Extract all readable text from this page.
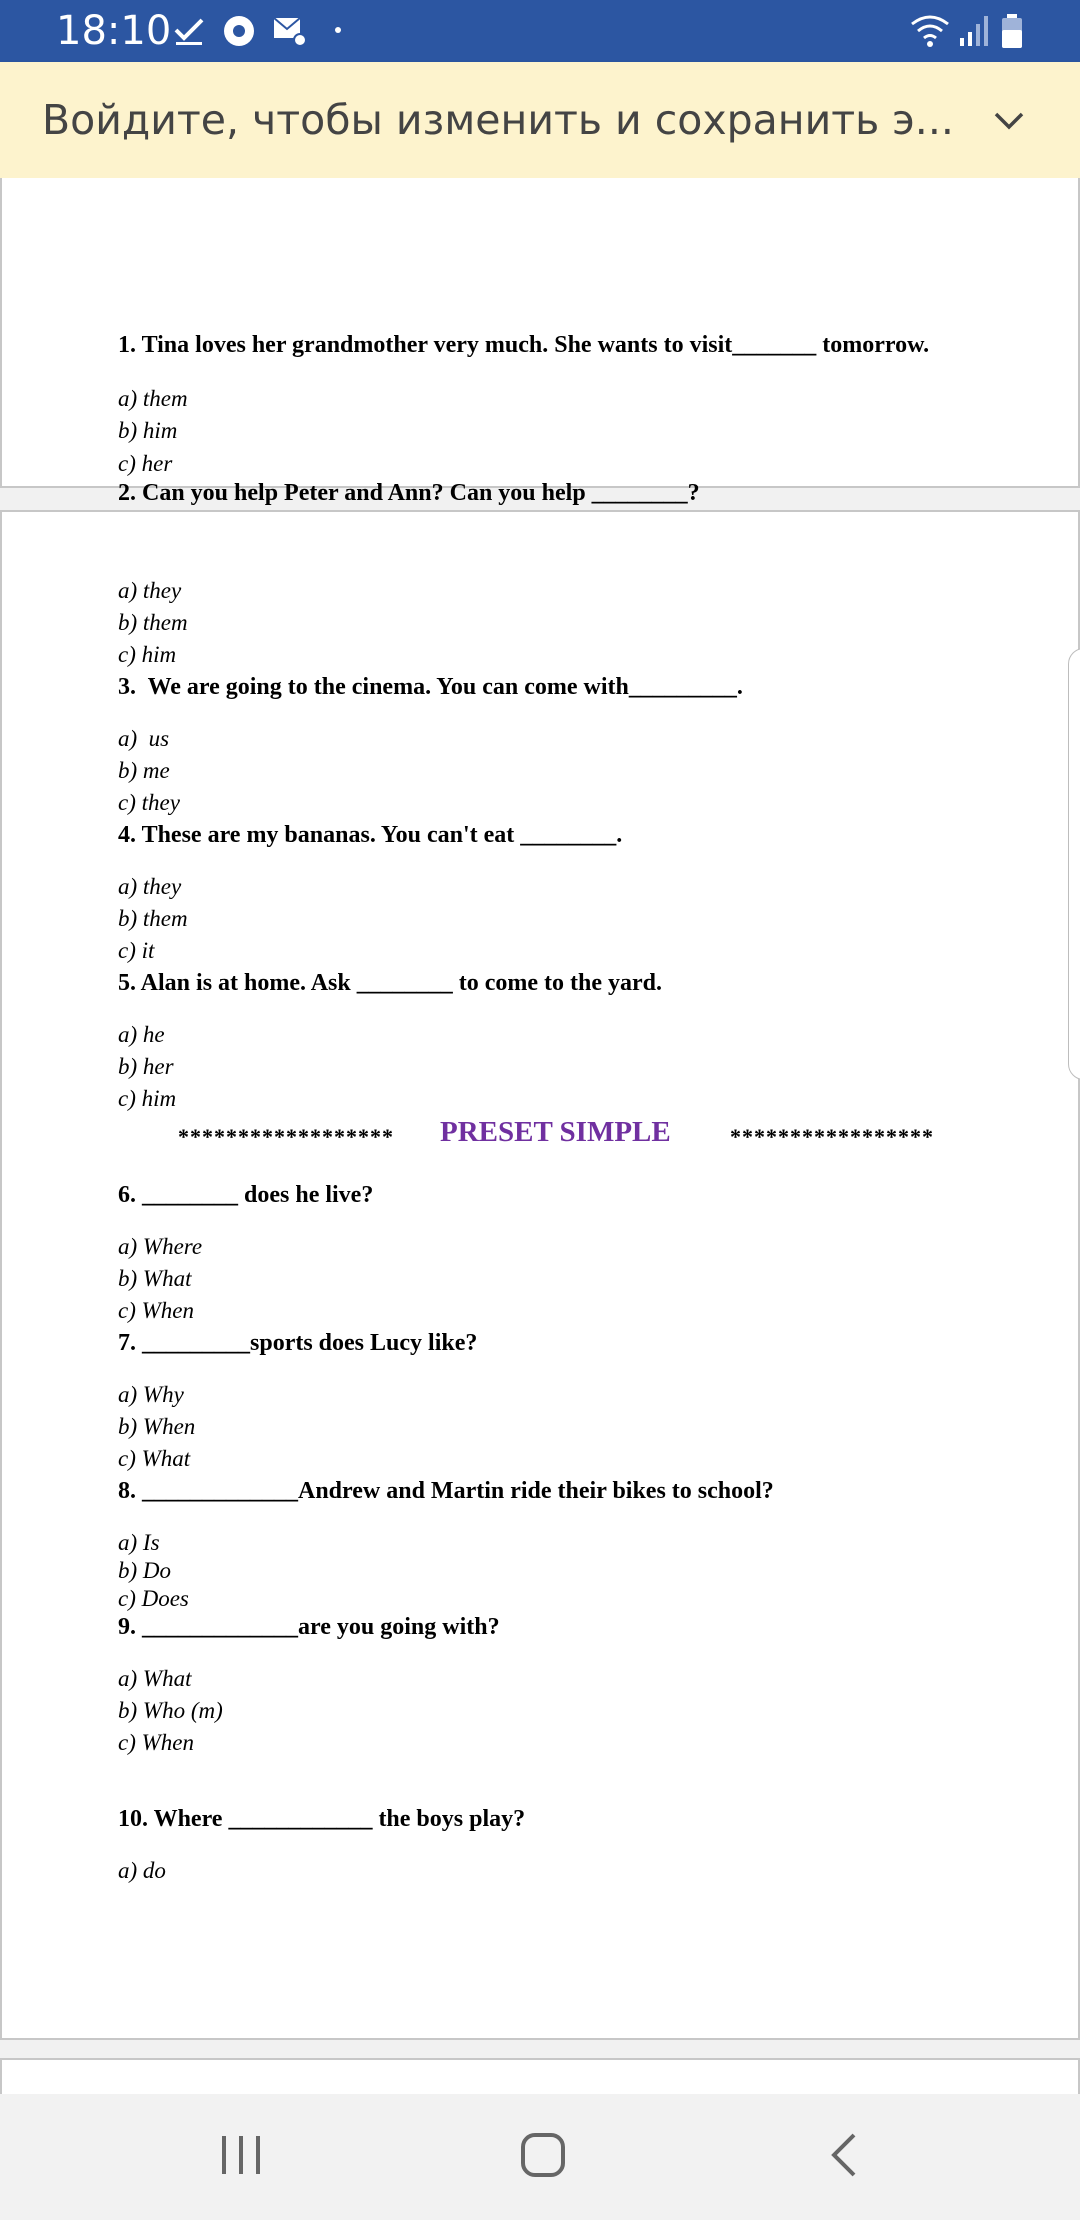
18:10
Войдите, чтобы изменить и сохранить э...
1. Tina loves her grandmother very much. She wants to visit_______ tomorrow.
a) them
b) him
c) her
2. Can you help Peter and Ann? Can you help ________?
a) they
b) them
c) him
3.  We are going to the cinema. You can come with_________.
a)  us
b) me
c) they
4. These are my bananas. You can't eat ________.
a) they
b) them
c) it
5. Alan is at home. Ask ________ to come to the yard.
a) he
b) her
c) him
****************** PRESET SIMPLE	*****************
6. ________ does he live?
a) Where
b) What
c) When
7. _________sports does Lucy like?
a) Why
b) When
c) What
8. _____________Andrew and Martin ride their bikes to school?
a) Is
b) Do
c) Does
9. _____________are you going with?
a) What
b) Who (m)
c) When
10. Where ____________ the boys play?
a) do
